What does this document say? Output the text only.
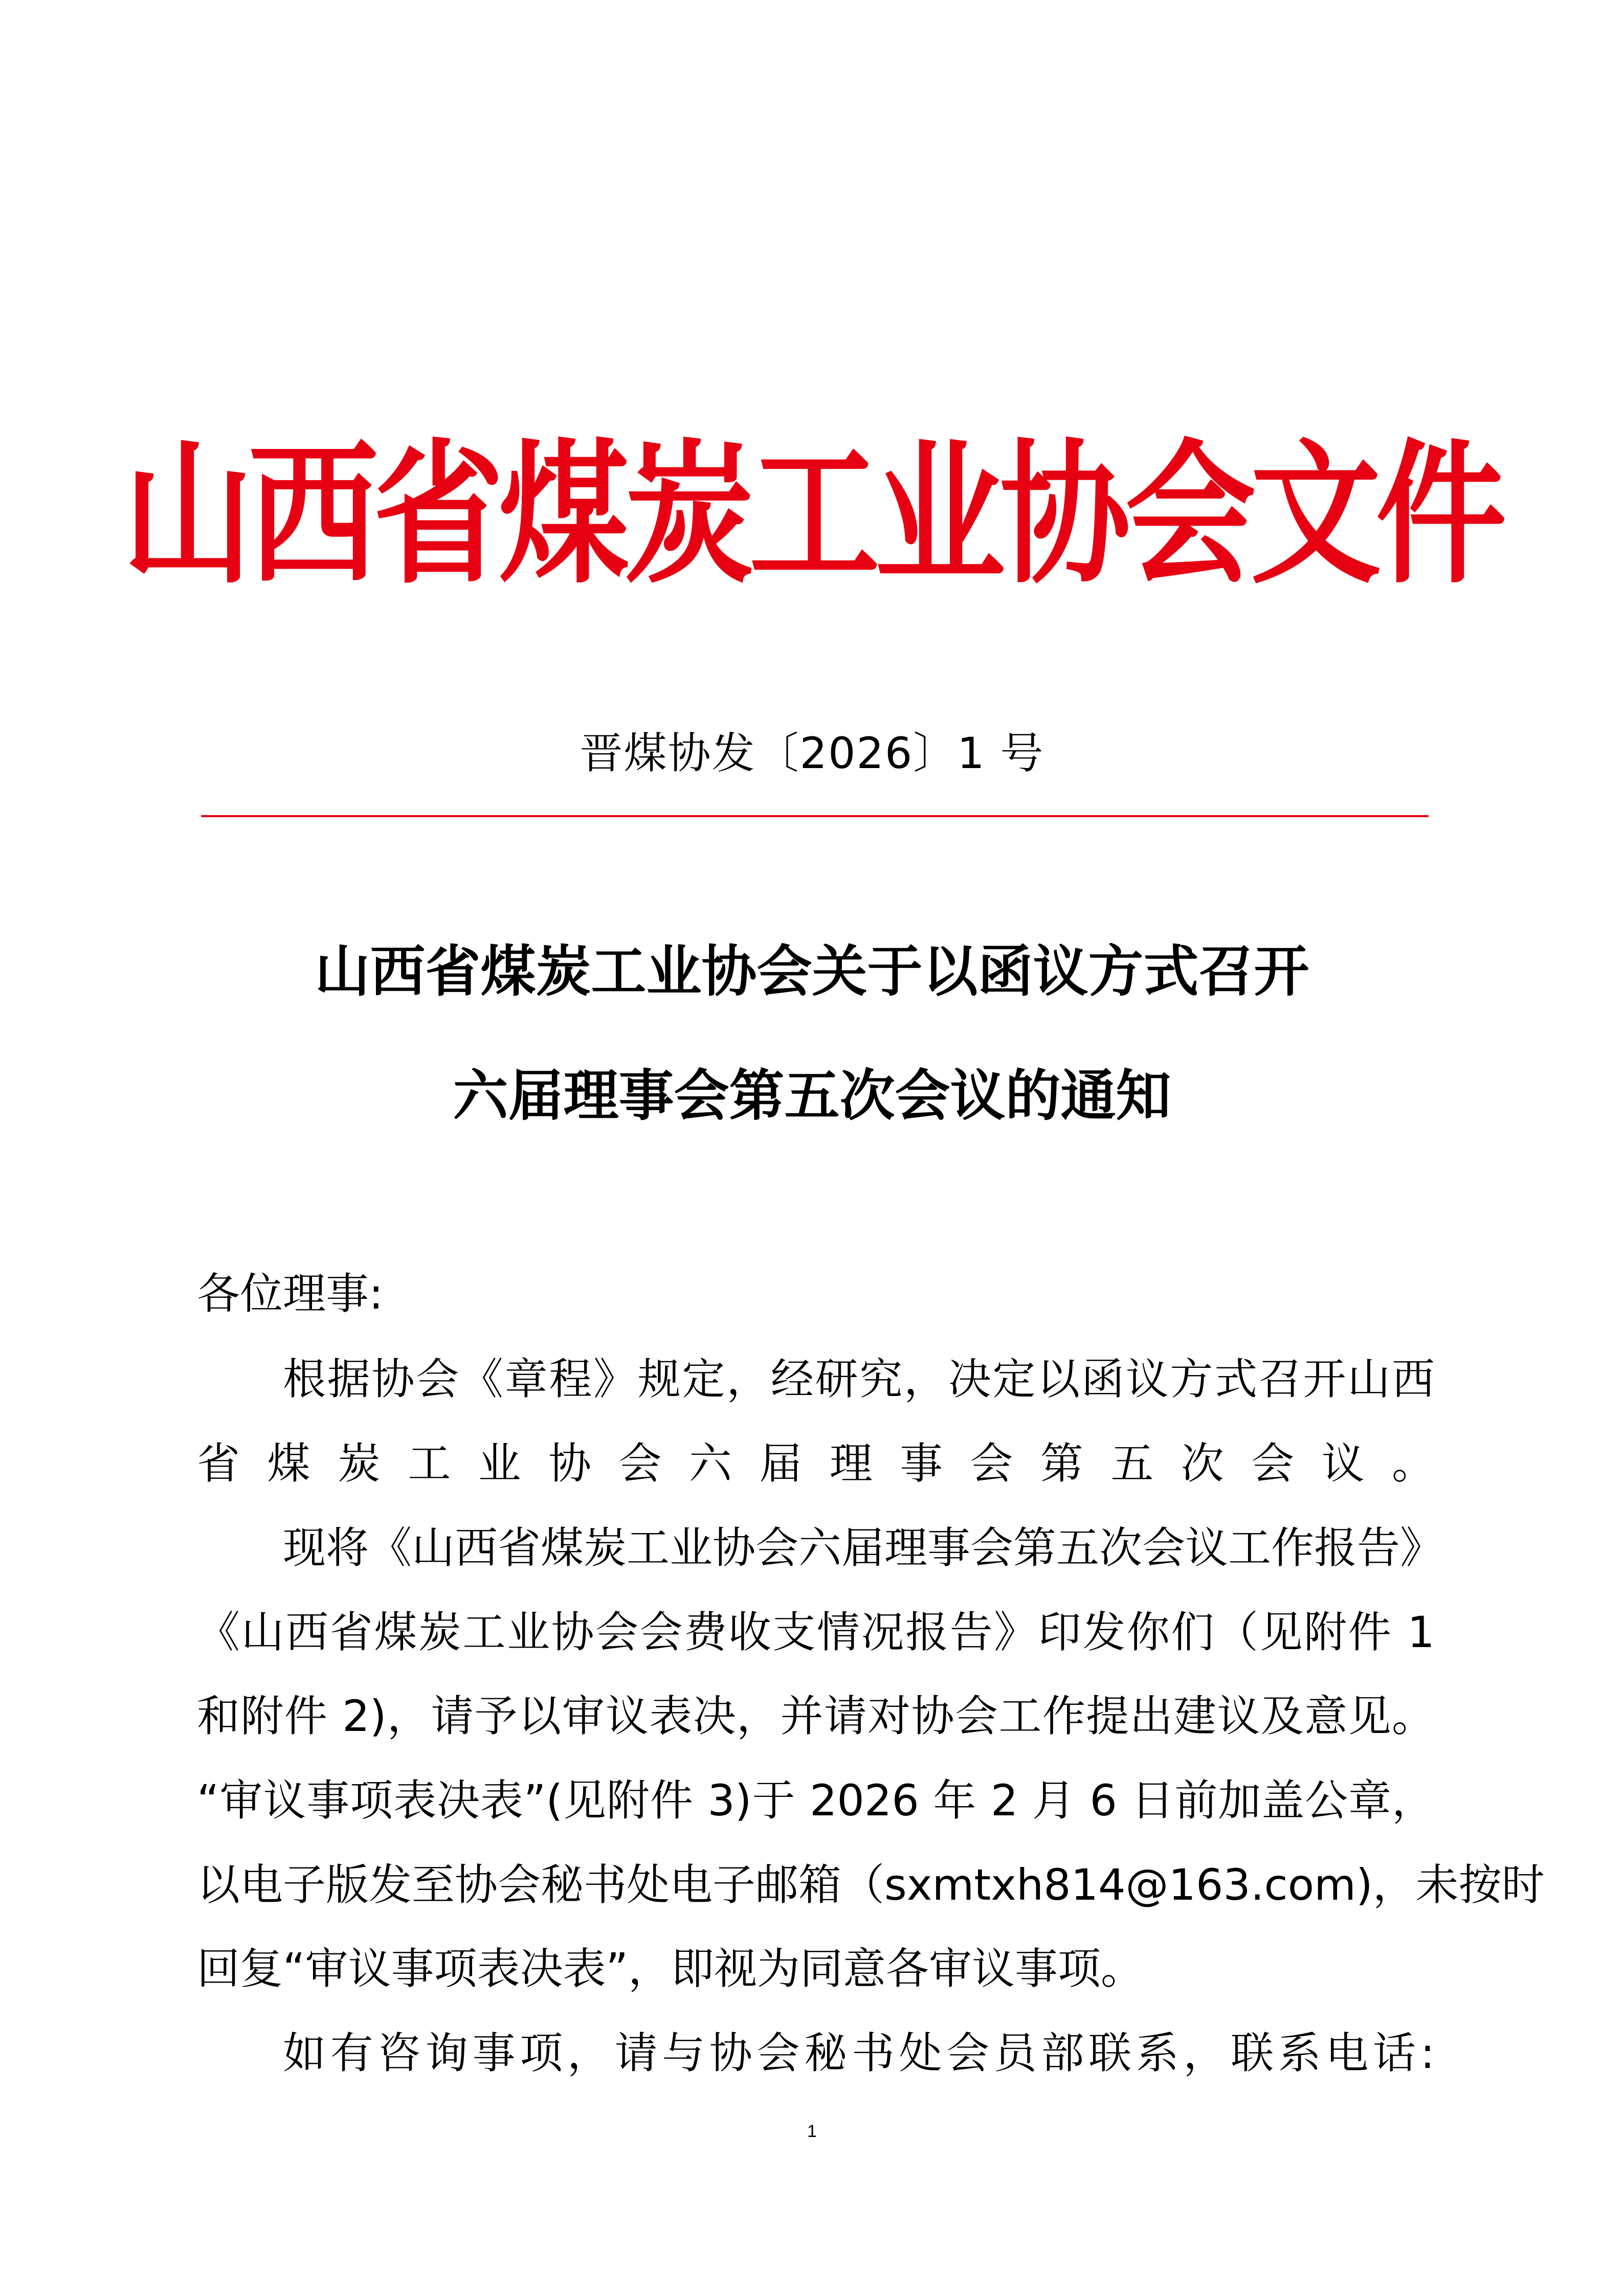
山西省煤炭工业协会文件
晋煤协发〔2026〕1 号
山西省煤炭工业协会关于以函议方式召开
六届理事会第五次会议的通知
各位理事:
根据协会《章程》规定，经研究，决定以函议方式召开山西
省煤炭工业协会六届理事会第五次会议。
现将《山西省煤炭工业协会六届理事会第五次会议工作报告》
《山西省煤炭工业协会会费收支情况报告》印发你们（见附件 1
和附件 2)，请予以审议表决，并请对协会工作提出建议及意见。
“审议事项表决表”(见附件 3)于 2026 年 2 月 6 日前加盖公章，
以电子版发至协会秘书处电子邮箱（sxmtxh814@163.com)，未按时
回复“审议事项表决表”，即视为同意各审议事项。
如有咨询事项，请与协会秘书处会员部联系，联系电话:
1
